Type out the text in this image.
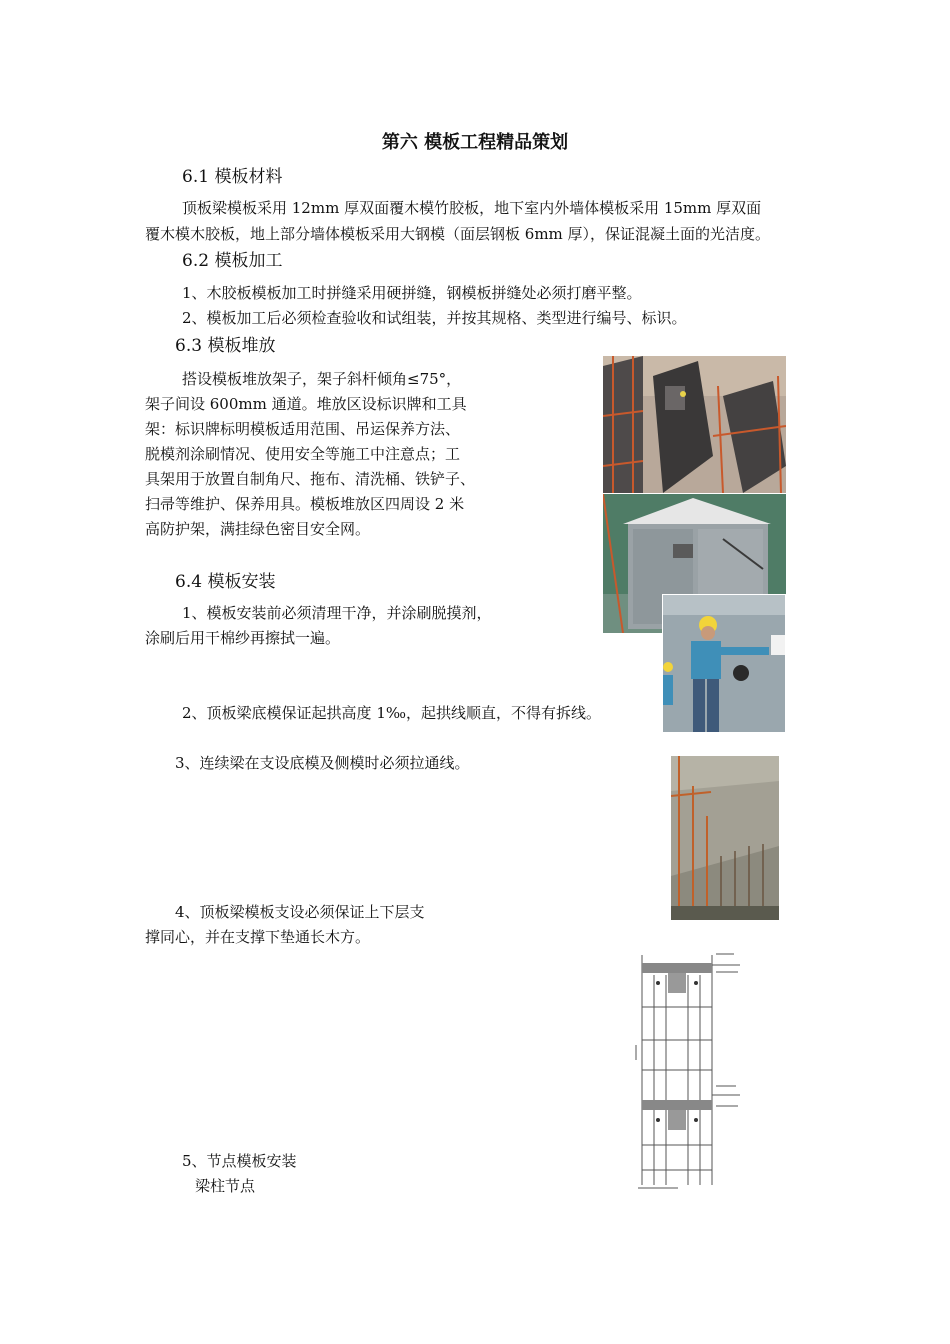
第六 模板工程精品策划
6.1 模板材料
顶板梁模板采用 12mm 厚双面覆木模竹胶板，地下室内外墙体模板采用 15mm 厚双面
覆木模木胶板，地上部分墙体模板采用大钢模（面层钢板 6mm 厚），保证混凝土面的光洁度。
6.2 模板加工
1、木胶板模板加工时拼缝采用硬拼缝，钢模板拼缝处必须打磨平整。
2、模板加工后必须检查验收和试组装，并按其规格、类型进行编号、标识。
6.3 模板堆放
搭设模板堆放架子，架子斜杆倾角≤75°，
架子间设 600mm 通道。堆放区设标识牌和工具
架：标识牌标明模板适用范围、吊运保养方法、
脱模剂涂刷情况、使用安全等施工中注意点；工
具架用于放置自制角尺、拖布、清洗桶、铁铲子、
扫帚等维护、保养用具。模板堆放区四周设 2 米
高防护架，满挂绿色密目安全网。
6.4 模板安装
1、模板安装前必须清理干净，并涂刷脱摸剂，
涂刷后用干棉纱再擦拭一遍。
2、顶板梁底模保证起拱高度 1‰，起拱线顺直，不得有拆线。
3、连续梁在支设底模及侧模时必须拉通线。
4、顶板梁模板支设必须保证上下层支
撑同心，并在支撑下垫通长木方。
5、节点模板安装
梁柱节点
